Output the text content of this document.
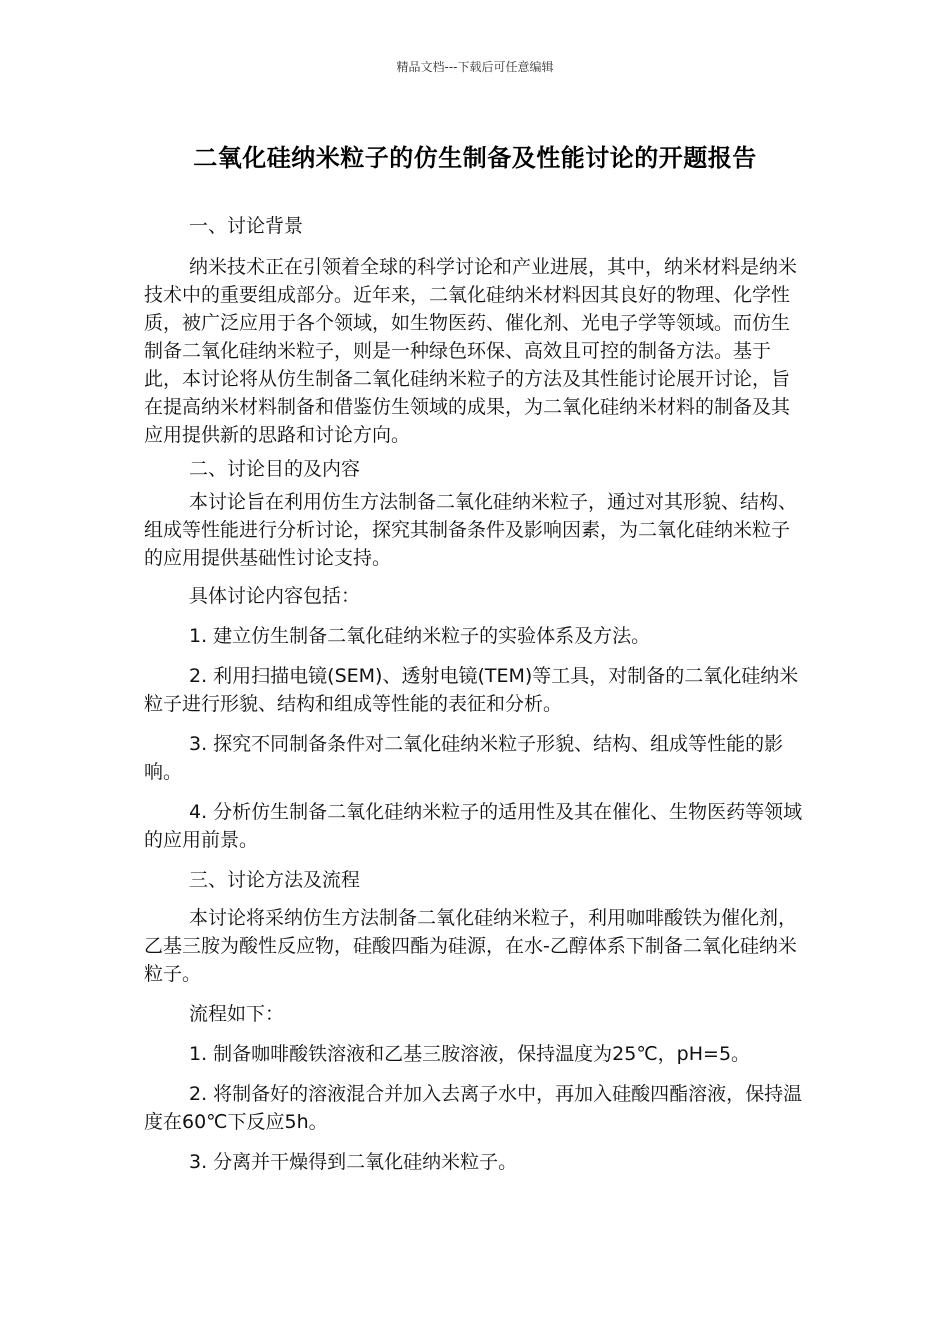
精品文档---下载后可任意编辑
二氧化硅纳米粒子的仿生制备及性能讨论的开题报告

一、讨论背景

纳米技术正在引领着全球的科学讨论和产业进展，其中，纳米材料是纳米技术中的重要组成部分。近年来，二氧化硅纳米材料因其良好的物理、化学性质，被广泛应用于各个领域，如生物医药、催化剂、光电子学等领域。而仿生制备二氧化硅纳米粒子，则是一种绿色环保、高效且可控的制备方法。基于此，本讨论将从仿生制备二氧化硅纳米粒子的方法及其性能讨论展开讨论，旨在提高纳米材料制备和借鉴仿生领域的成果，为二氧化硅纳米材料的制备及其应用提供新的思路和讨论方向。

二、讨论目的及内容

本讨论旨在利用仿生方法制备二氧化硅纳米粒子，通过对其形貌、结构、组成等性能进行分析讨论，探究其制备条件及影响因素，为二氧化硅纳米粒子的应用提供基础性讨论支持。

具体讨论内容包括：

1. 建立仿生制备二氧化硅纳米粒子的实验体系及方法。

2. 利用扫描电镜(SEM)、透射电镜(TEM)等工具，对制备的二氧化硅纳米粒子进行形貌、结构和组成等性能的表征和分析。

3. 探究不同制备条件对二氧化硅纳米粒子形貌、结构、组成等性能的影响。

4. 分析仿生制备二氧化硅纳米粒子的适用性及其在催化、生物医药等领域的应用前景。

三、讨论方法及流程

本讨论将采纳仿生方法制备二氧化硅纳米粒子，利用咖啡酸铁为催化剂，乙基三胺为酸性反应物，硅酸四酯为硅源，在水-乙醇体系下制备二氧化硅纳米粒子。

流程如下：

1. 制备咖啡酸铁溶液和乙基三胺溶液，保持温度为25℃，pH=5。

2. 将制备好的溶液混合并加入去离子水中，再加入硅酸四酯溶液，保持温度在60℃下反应5h。

3. 分离并干燥得到二氧化硅纳米粒子。
